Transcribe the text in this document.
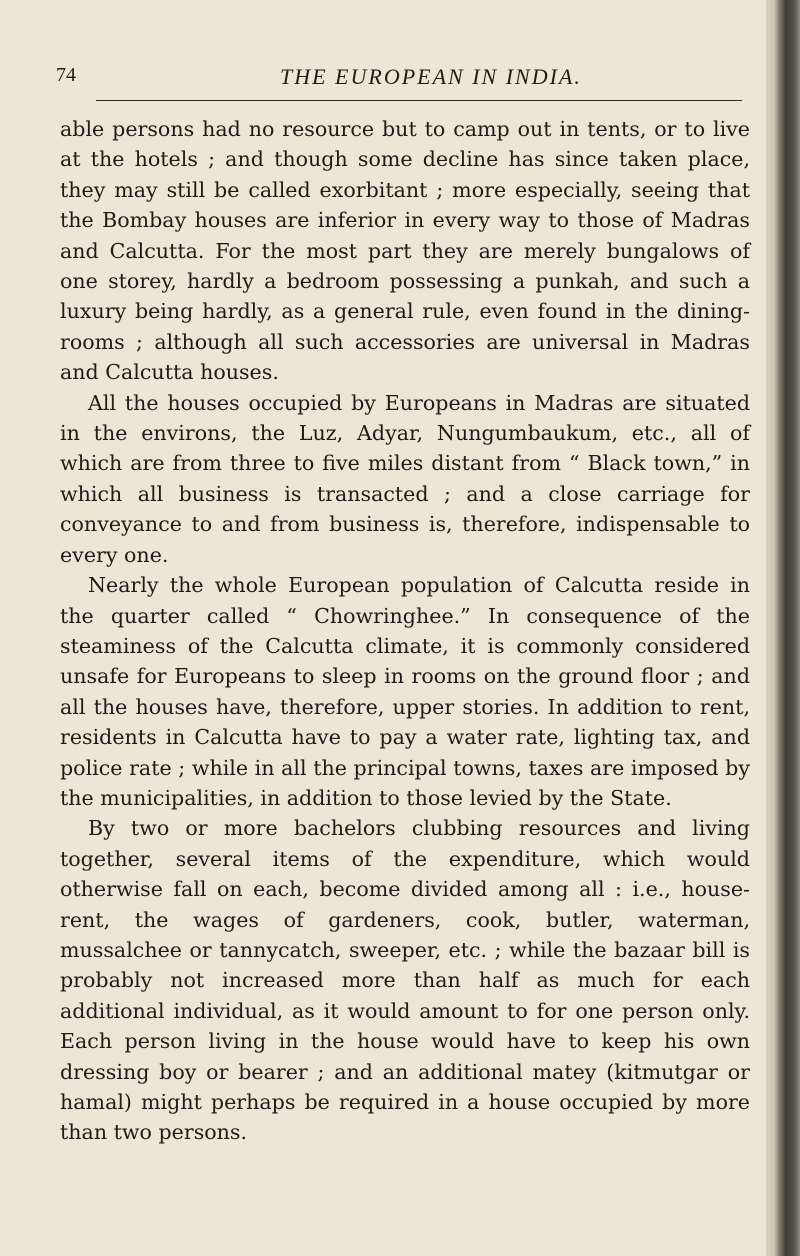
74	THE EUROPEAN IN INDIA.

able persons had no resource but to camp out in tents, or to live at the hotels ; and though some decline has since taken place, they may still be called exorbitant ; more especially, seeing that the Bombay houses are inferior in every way to those of Madras and Calcutta. For the most part they are merely bungalows of one storey, hardly a bedroom possessing a punkah, and such a luxury being hardly, as a general rule, even found in the dining-rooms ; although all such accessories are universal in Madras and Calcutta houses.

All the houses occupied by Europeans in Madras are situated in the environs, the Luz, Adyar, Nungumbaukum, etc., all of which are from three to five miles distant from “ Black town,” in which all business is transacted ; and a close carriage for conveyance to and from business is, therefore, indispensable to every one.

Nearly the whole European population of Calcutta reside in the quarter called “ Chowringhee.” In consequence of the steaminess of the Calcutta climate, it is commonly considered unsafe for Europeans to sleep in rooms on the ground floor ; and all the houses have, therefore, upper stories. In addition to rent, residents in Calcutta have to pay a water rate, lighting tax, and police rate ; while in all the principal towns, taxes are imposed by the municipalities, in addition to those levied by the State.

By two or more bachelors clubbing resources and living together, several items of the expenditure, which would otherwise fall on each, become divided among all : i.e., house-rent, the wages of gardeners, cook, butler, waterman, mussalchee or tannycatch, sweeper, etc. ; while the bazaar bill is probably not increased more than half as much for each additional individual, as it would amount to for one person only. Each person living in the house would have to keep his own dressing boy or bearer ; and an additional matey (kitmutgar or hamal) might perhaps be required in a house occupied by more than two persons.
